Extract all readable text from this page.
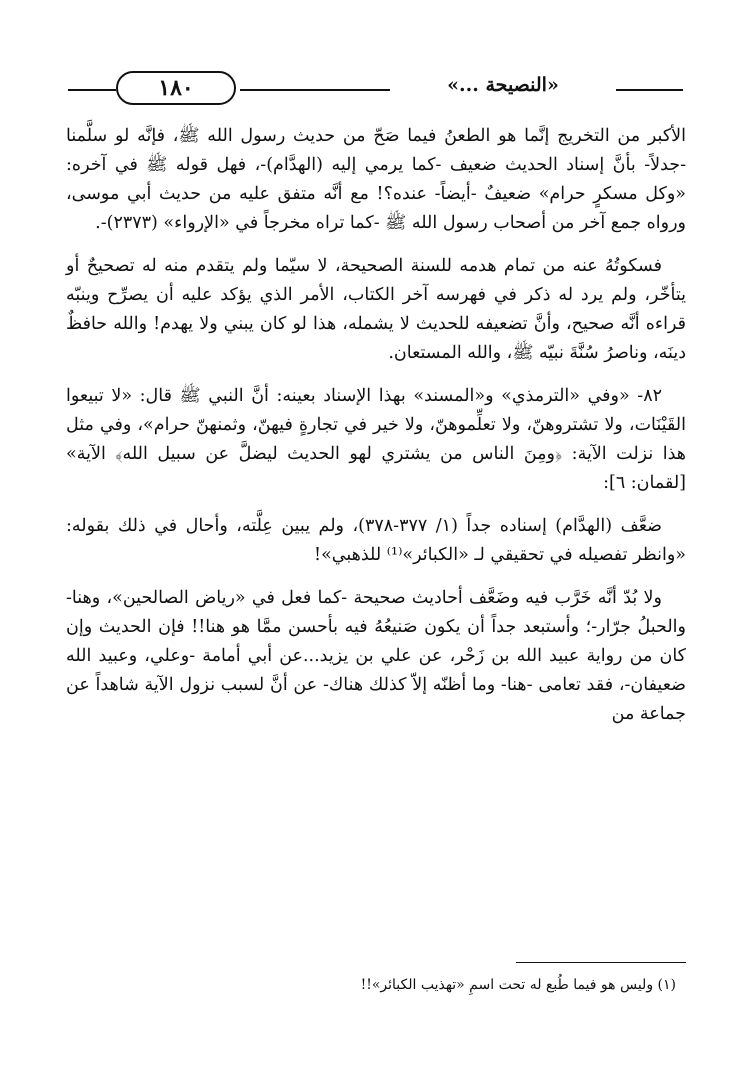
١٨٠	«النصيحة ...»

الأكبر من التخريج إنَّما هو الطعنُ فيما صَحّ من حديث رسول الله ﷺ، فإنَّه لو سلَّمنا -جدلاً- بأنَّ إسناد الحديث ضعيف -كما يرمي إليه (الهدَّام)-، فهل قوله ﷺ في آخره: «وكل مسكرٍ حرام» ضعيفٌ -أيضاً- عنده؟! مع أنَّه متفق عليه من حديث أبي موسى، ورواه جمع آخر من أصحاب رسول الله ﷺ -كما تراه مخرجاً في «الإرواء» (٢٣٧٣)-.

فسكوتُهُ عنه من تمام هدمه للسنة الصحيحة، لا سيّما ولم يتقدم منه له تصحيحٌ أو يتأخّر، ولم يرد له ذكر في فهرسه آخر الكتاب، الأمر الذي يؤكد عليه أن يصرِّح وينبّه قراءه أنَّه صحيح، وأنَّ تضعيفه للحديث لا يشمله، هذا لو كان يبني ولا يهدم! والله حافظٌ دينَه، وناصرُ سُنَّةَ نبيّه ﷺ، والله المستعان.

٨٢- «وفي «الترمذي» و«المسند» بهذا الإسناد بعينه: أنَّ النبي ﷺ قال: «لا تبيعوا القَيْنَات، ولا تشتروهنّ، ولا تعلِّموهنّ، ولا خير في تجارةٍ فيهنّ، وثمنهنّ حرام»، وفي مثل هذا نزلت الآية: ﴿ومِنَ الناس من يشتري لهو الحديث ليضلَّ عن سبيل الله﴾ الآية» [لقمان: ٦]:

ضعَّف (الهدَّام) إسناده جداً (١/ ٣٧٧-٣٧٨)، ولم يبين عِلَّته، وأحال في ذلك بقوله: «وانظر تفصيله في تحقيقي لـ «الكبائر»⁽¹⁾ للذهبي»!

ولا بُدّ أنَّه خَرَّب فيه وضَعَّف أحاديث صحيحة -كما فعل في «رياض الصالحين»، وهنا- والحبلُ جرّار-؛ وأستبعد جداً أن يكون صَنيعُهُ فيه بأحسن ممَّا هو هنا!! فإن الحديث وإن كان من رواية عبيد الله بن زَحْر، عن علي بن يزيد...عن أبي أمامة -وعلي، وعبيد الله ضعيفان-، فقد تعامى -هنا- وما أظنّه إلاّ كذلك هناك- عن أنَّ لسبب نزول الآية شاهداً عن جماعة من

(١) وليس هو فيما طُبع له تحت اسمِ «تهذيب الكبائر»!!
